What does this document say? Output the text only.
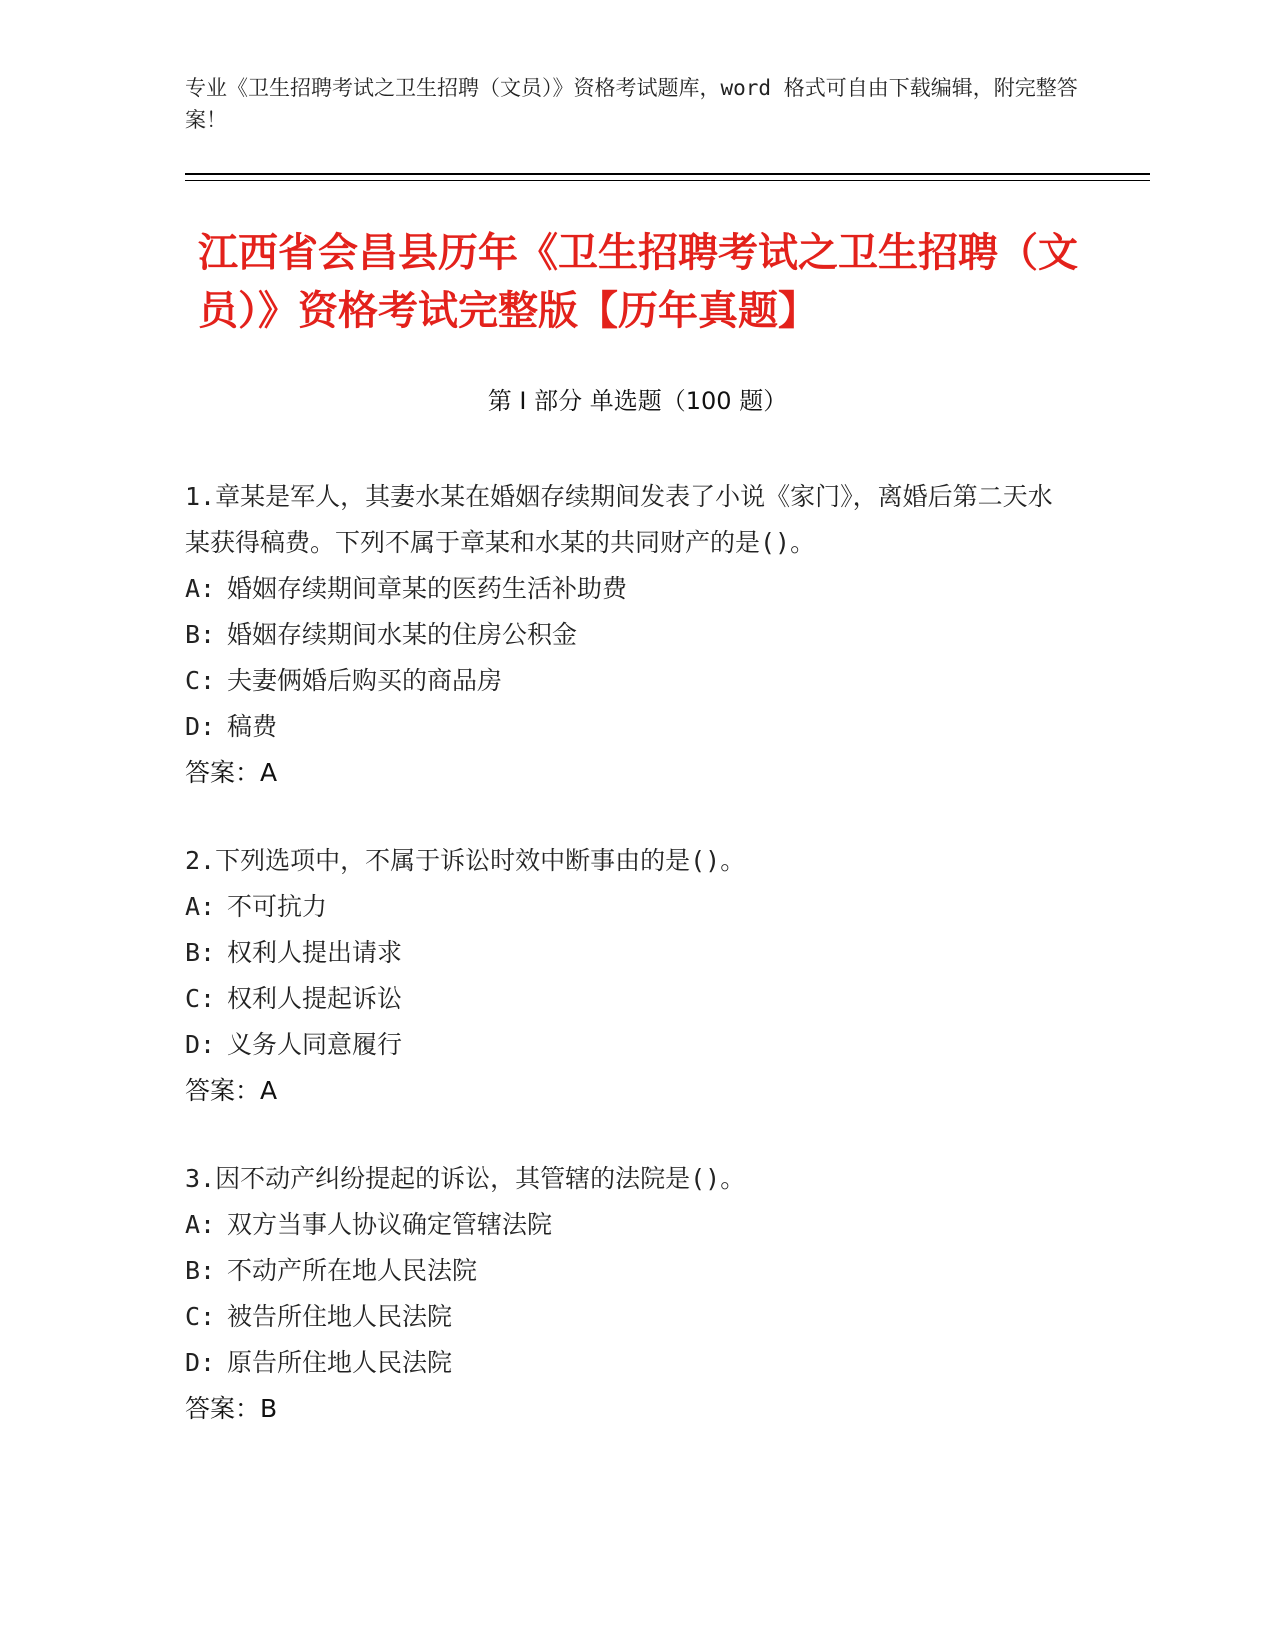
专业《卫生招聘考试之卫生招聘（文员）》资格考试题库，word 格式可自由下载编辑，附完整答案！
江西省会昌县历年《卫生招聘考试之卫生招聘（文员）》资格考试完整版【历年真题】
第 I 部分 单选题（100 题）
1.章某是军人，其妻水某在婚姻存续期间发表了小说《家门》，离婚后第二天水某获得稿费。下列不属于章某和水某的共同财产的是()。
A: 婚姻存续期间章某的医药生活补助费
B: 婚姻存续期间水某的住房公积金
C: 夫妻俩婚后购买的商品房
D: 稿费
答案：A
2.下列选项中，不属于诉讼时效中断事由的是()。
A: 不可抗力
B: 权利人提出请求
C: 权利人提起诉讼
D: 义务人同意履行
答案：A
3.因不动产纠纷提起的诉讼，其管辖的法院是()。
A: 双方当事人协议确定管辖法院
B: 不动产所在地人民法院
C: 被告所住地人民法院
D: 原告所住地人民法院
答案：B
